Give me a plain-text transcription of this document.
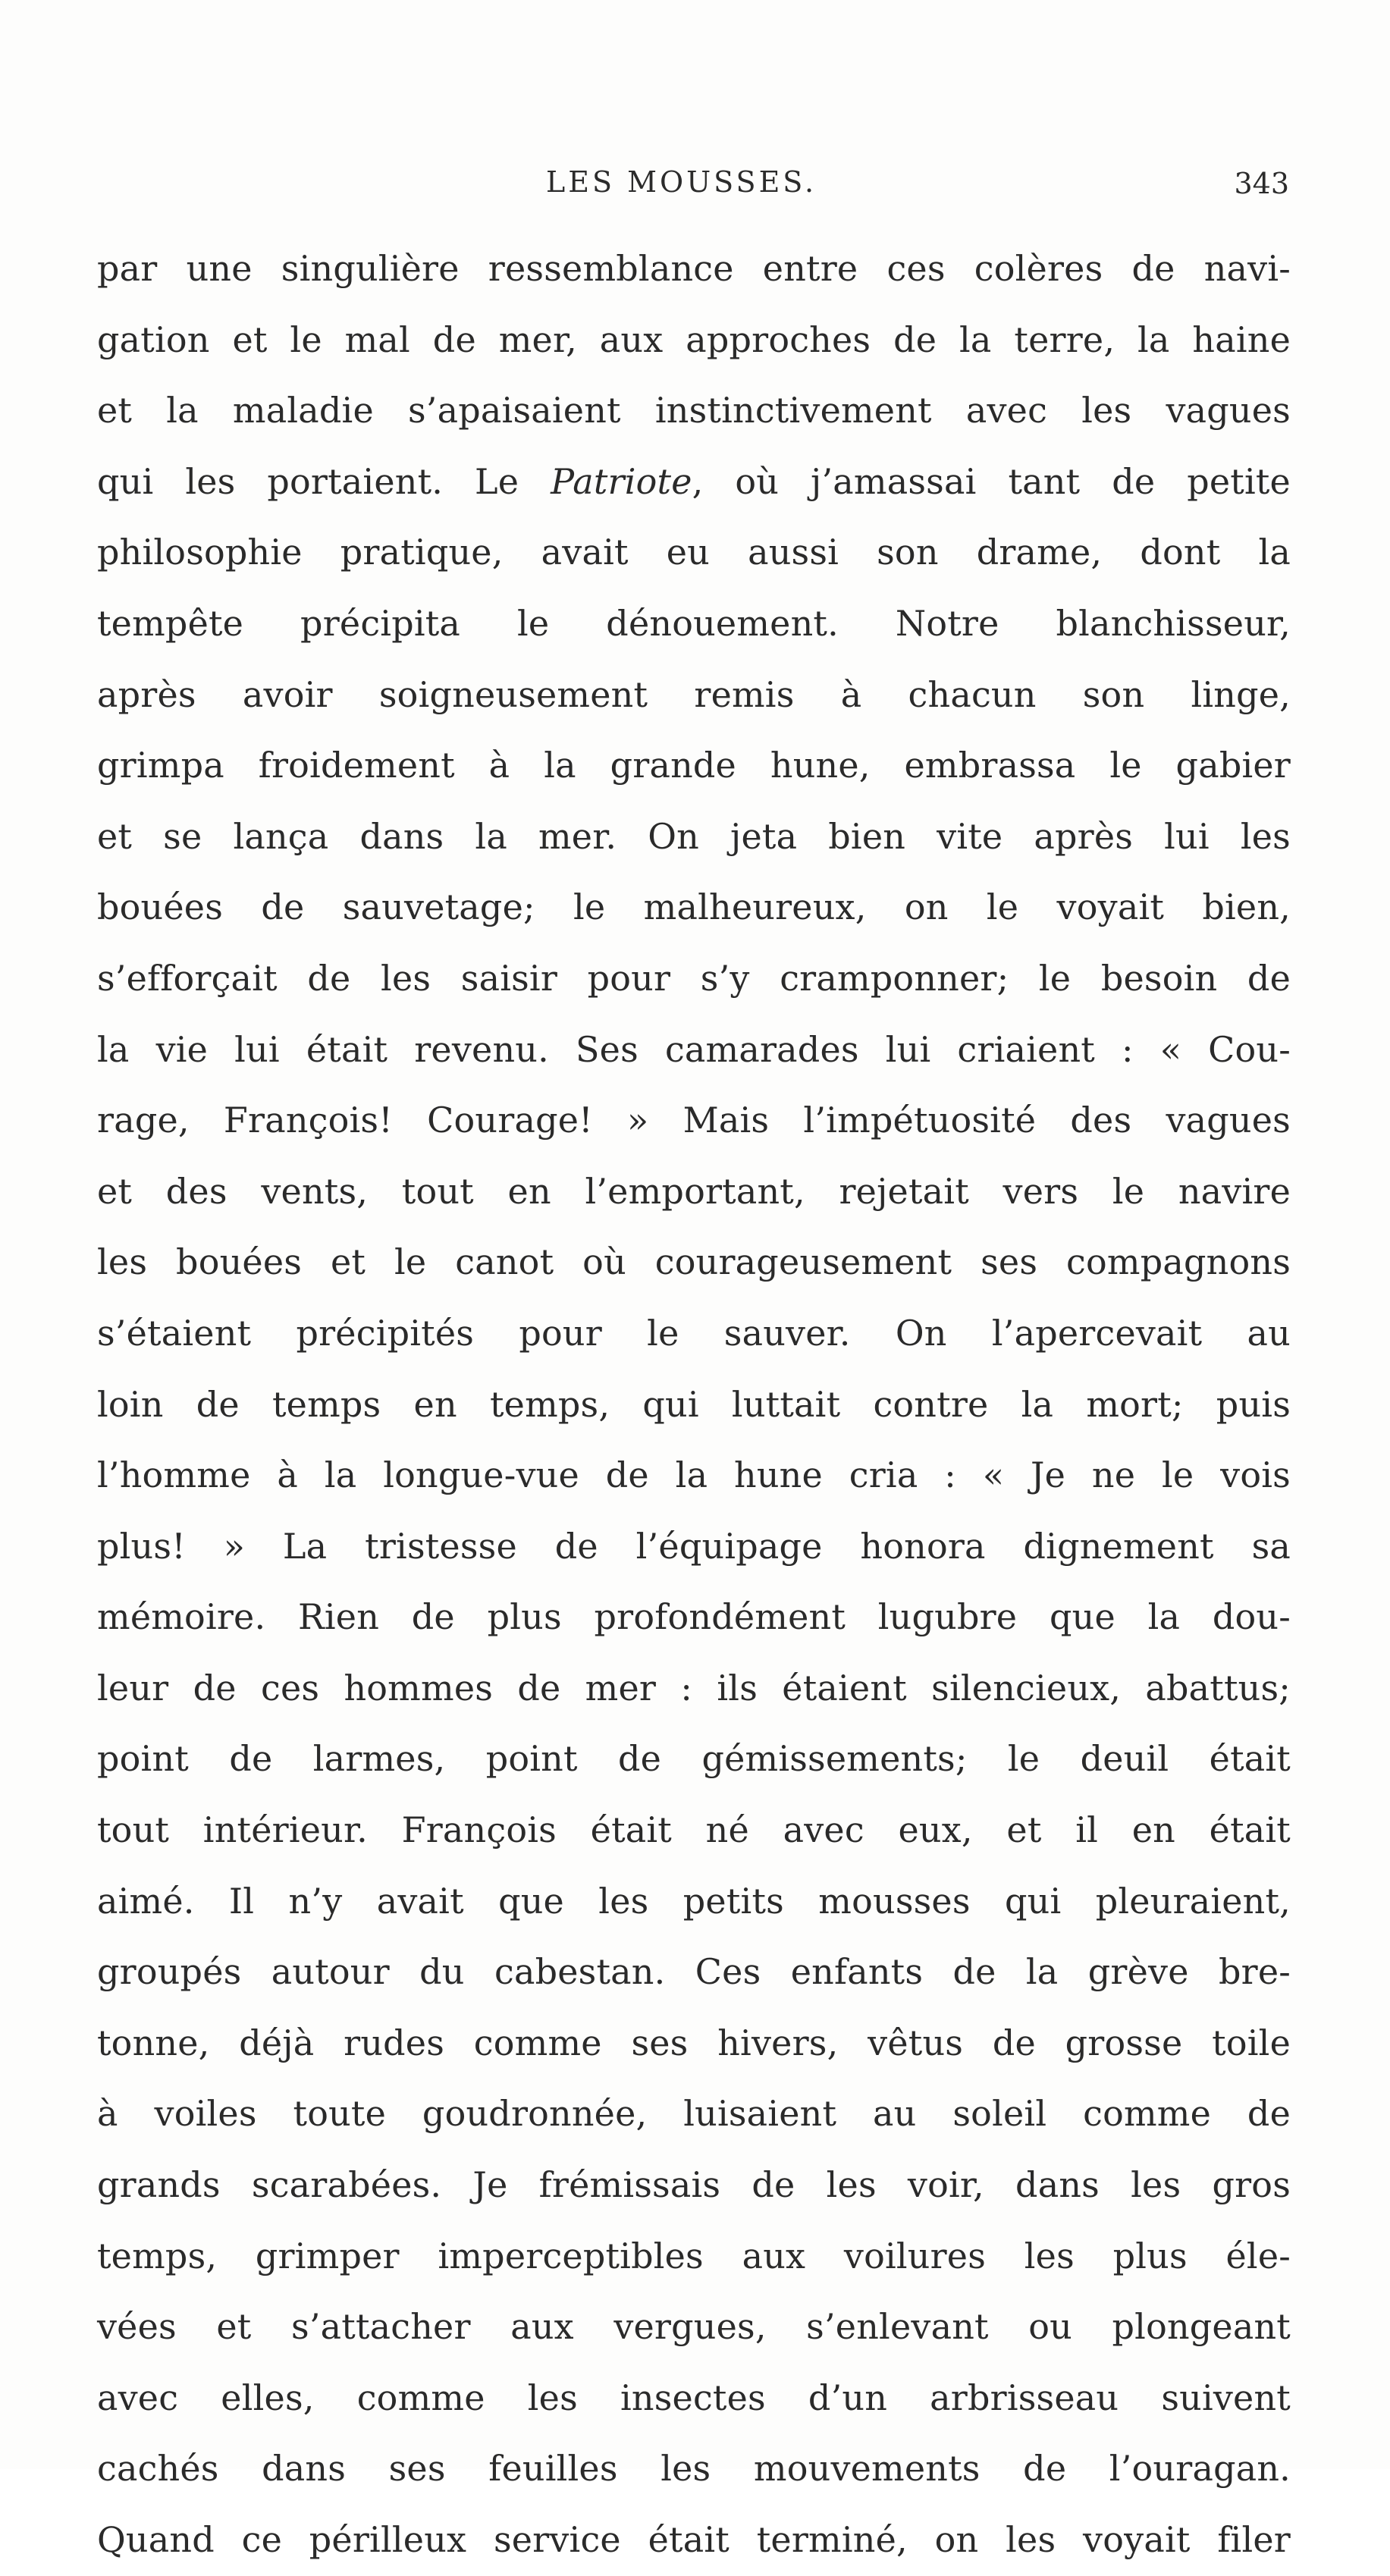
LES MOUSSES.	343
par une singulière ressemblance entre ces colères de navi-
gation et le mal de mer, aux approches de la terre, la haine
et la maladie s’apaisaient instinctivement avec les vagues
qui les portaient. Le Patriote, où j’amassai tant de petite
philosophie pratique, avait eu aussi son drame, dont la
tempête précipita le dénouement. Notre blanchisseur,
après avoir soigneusement remis à chacun son linge,
grimpa froidement à la grande hune, embrassa le gabier
et se lança dans la mer. On jeta bien vite après lui les
bouées de sauvetage; le malheureux, on le voyait bien,
s’efforçait de les saisir pour s’y cramponner; le besoin de
la vie lui était revenu. Ses camarades lui criaient : « Cou-
rage, François! Courage! » Mais l’impétuosité des vagues
et des vents, tout en l’emportant, rejetait vers le navire
les bouées et le canot où courageusement ses compagnons
s’étaient précipités pour le sauver. On l’apercevait au
loin de temps en temps, qui luttait contre la mort; puis
l’homme à la longue-vue de la hune cria : « Je ne le vois
plus! » La tristesse de l’équipage honora dignement sa
mémoire. Rien de plus profondément lugubre que la dou-
leur de ces hommes de mer : ils étaient silencieux, abattus;
point de larmes, point de gémissements; le deuil était
tout intérieur. François était né avec eux, et il en était
aimé. Il n’y avait que les petits mousses qui pleuraient,
groupés autour du cabestan. Ces enfants de la grève bre-
tonne, déjà rudes comme ses hivers, vêtus de grosse toile
à voiles toute goudronnée, luisaient au soleil comme de
grands scarabées. Je frémissais de les voir, dans les gros
temps, grimper imperceptibles aux voilures les plus éle-
vées et s’attacher aux vergues, s’enlevant ou plongeant
avec elles, comme les insectes d’un arbrisseau suivent
cachés dans ses feuilles les mouvements de l’ouragan.
Quand ce périlleux service était terminé, on les voyait filer
